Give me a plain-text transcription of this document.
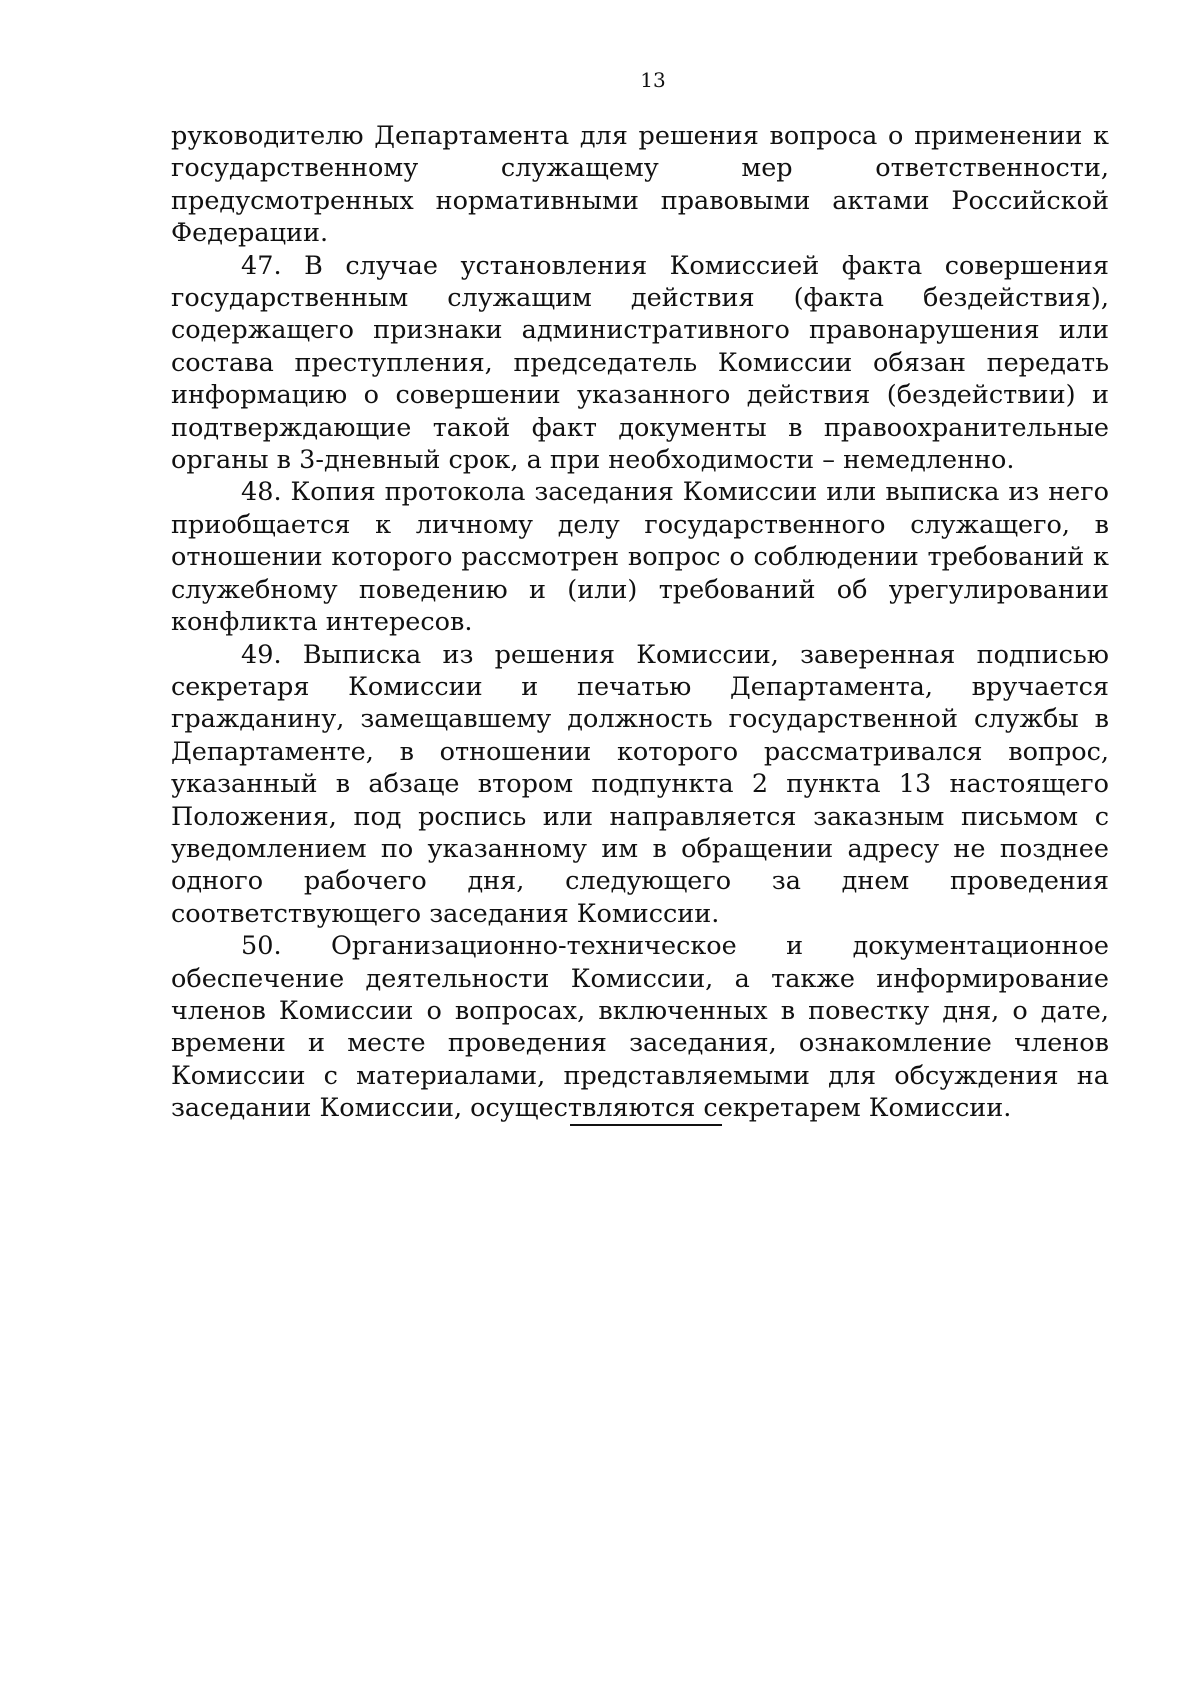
13

руководителю Департамента для решения вопроса о применении к государственному служащему мер ответственности, предусмотренных нормативными правовыми актами Российской Федерации.

47. В случае установления Комиссией факта совершения государственным служащим действия (факта бездействия), содержащего признаки административного правонарушения или состава преступления, председатель Комиссии обязан передать информацию о совершении указанного действия (бездействии) и подтверждающие такой факт документы в правоохранительные органы в 3-дневный срок, а при необходимости – немедленно.

48. Копия протокола заседания Комиссии или выписка из него приобщается к личному делу государственного служащего, в отношении которого рассмотрен вопрос о соблюдении требований к служебному поведению и (или) требований об урегулировании конфликта интересов.

49. Выписка из решения Комиссии, заверенная подписью секретаря Комиссии и печатью Департамента, вручается гражданину, замещавшему должность государственной службы в Департаменте, в отношении которого рассматривался вопрос, указанный в абзаце втором подпункта 2 пункта 13 настоящего Положения, под роспись или направляется заказным письмом с уведомлением по указанному им в обращении адресу не позднее одного рабочего дня, следующего за днем проведения соответствующего заседания Комиссии.

50. Организационно-техническое и документационное обеспечение деятельности Комиссии, а также информирование членов Комиссии о вопросах, включенных в повестку дня, о дате, времени и месте проведения заседания, ознакомление членов Комиссии с материалами, представляемыми для обсуждения на заседании Комиссии, осуществляются секретарем Комиссии.
